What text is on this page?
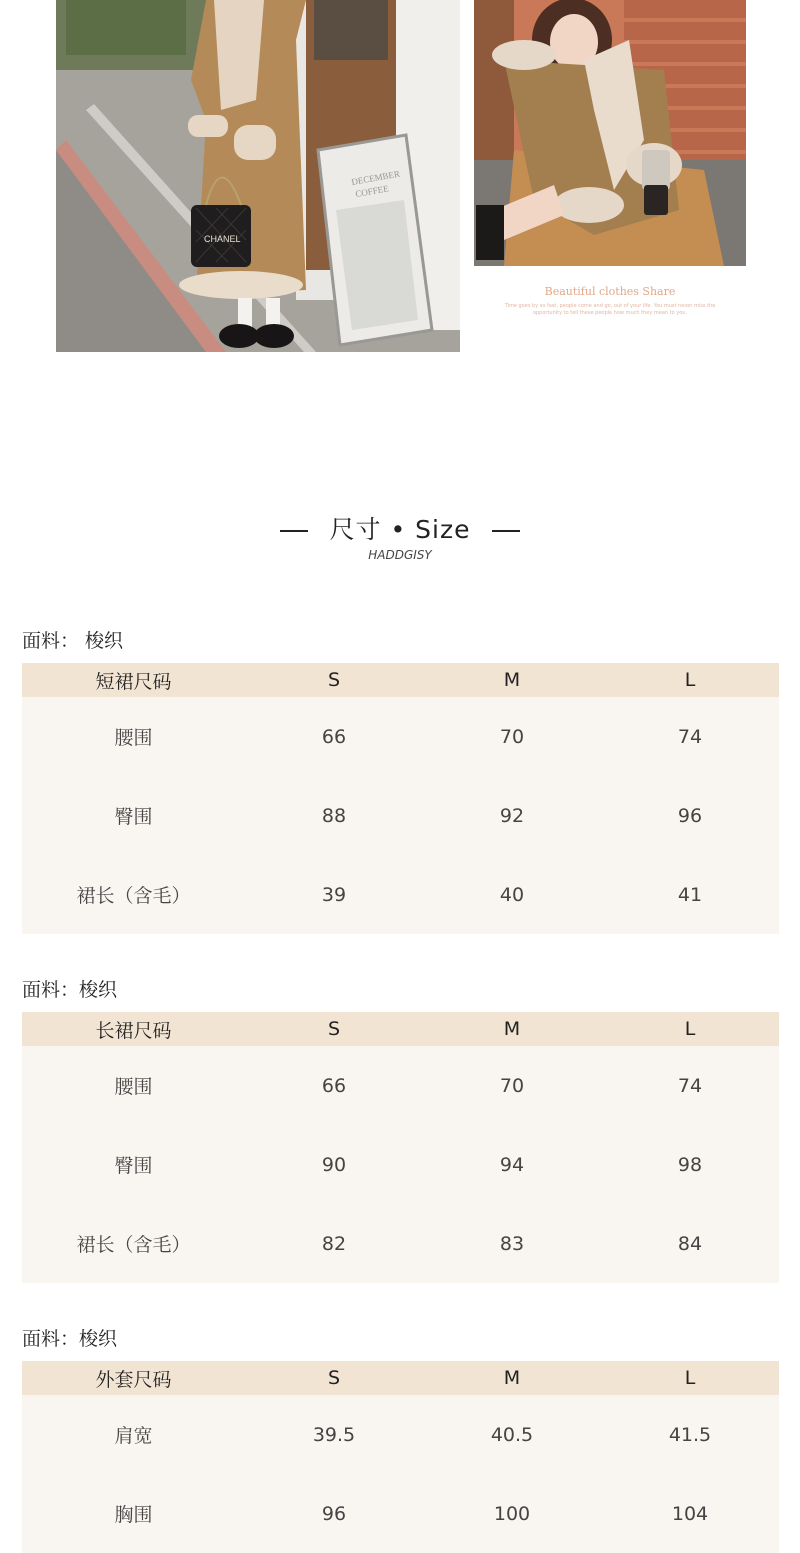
DECEMBER
COFFEE
CHANEL
Beautiful clothes Share
Time goes by so fast, people come and go, out of your life. You must never miss the opportunity to tell these people how much they mean to you.
尺寸 • Size
HADDGISY
面料： 梭织
短裙尺码	S	M	L
腰围	66	70	74
臀围	88	92	96
裙长（含毛）	39	40	41
面料：梭织
长裙尺码	S	M	L
腰围	66	70	74
臀围	90	94	98
裙长（含毛）	82	83	84
面料：梭织
外套尺码	S	M	L
肩宽	39.5	40.5	41.5
胸围	96	100	104
